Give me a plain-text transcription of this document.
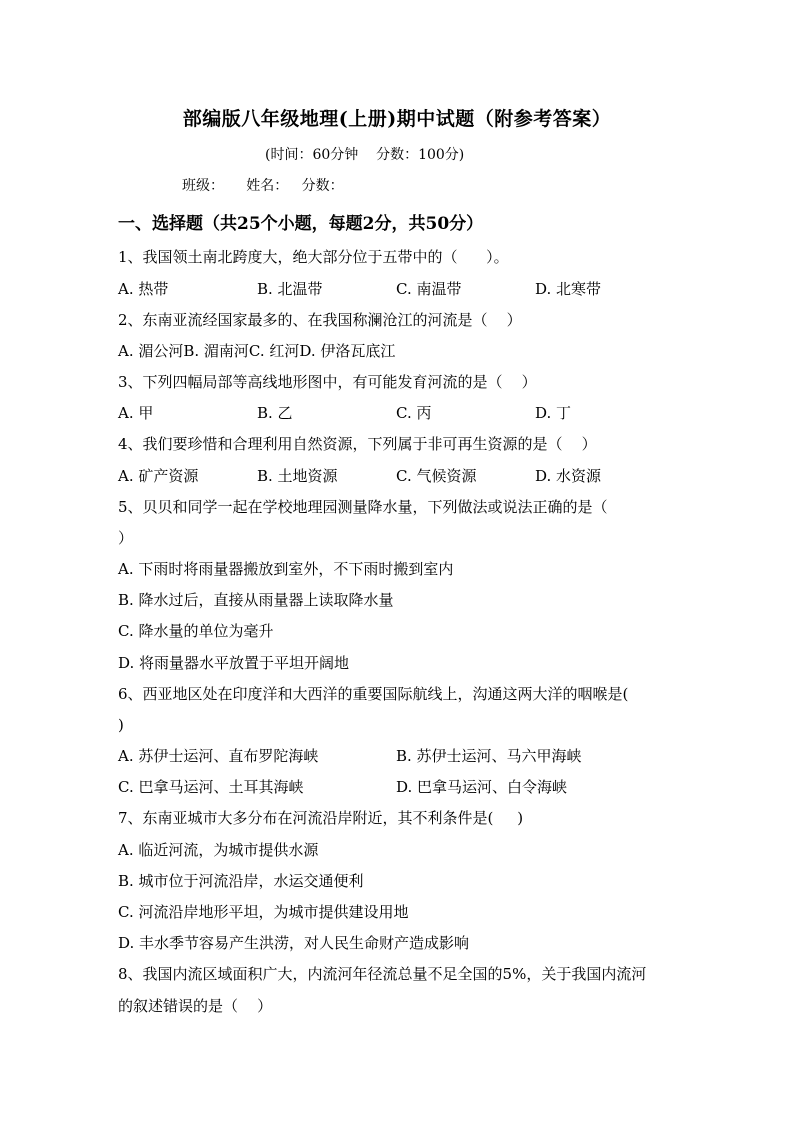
部编版八年级地理(上册)期中试题（附参考答案）
(时间：60分钟    分数：100分)
班级：     姓名：   分数：
一、选择题（共25个小题，每题2分，共50分）
1、我国领土南北跨度大，绝大部分位于五带中的（      ）。
A. 热带	B. 北温带	C. 南温带	D. 北寒带
2、东南亚流经国家最多的、在我国称澜沧江的河流是（    ）
A. 湄公河B. 湄南河C. 红河D. 伊洛瓦底江
3、下列四幅局部等高线地形图中，有可能发育河流的是（    ）
A. 甲	B. 乙	C. 丙	D. 丁
4、我们要珍惜和合理利用自然资源，下列属于非可再生资源的是（    ）
A. 矿产资源	B. 土地资源	C. 气候资源	D. 水资源
5、贝贝和同学一起在学校地理园测量降水量，下列做法或说法正确的是（
）
A. 下雨时将雨量器搬放到室外，不下雨时搬到室内
B. 降水过后，直接从雨量器上读取降水量
C. 降水量的单位为毫升
D. 将雨量器水平放置于平坦开阔地
6、西亚地区处在印度洋和大西洋的重要国际航线上，沟通这两大洋的咽喉是(
)
A. 苏伊士运河、直布罗陀海峡	B. 苏伊士运河、马六甲海峡
C. 巴拿马运河、土耳其海峡	D. 巴拿马运河、白令海峡
7、东南亚城市大多分布在河流沿岸附近，其不利条件是(     )
A. 临近河流，为城市提供水源
B. 城市位于河流沿岸，水运交通便利
C. 河流沿岸地形平坦，为城市提供建设用地
D. 丰水季节容易产生洪涝，对人民生命财产造成影响
8、我国内流区域面积广大，内流河年径流总量不足全国的5%，关于我国内流河
的叙述错误的是（    ）
